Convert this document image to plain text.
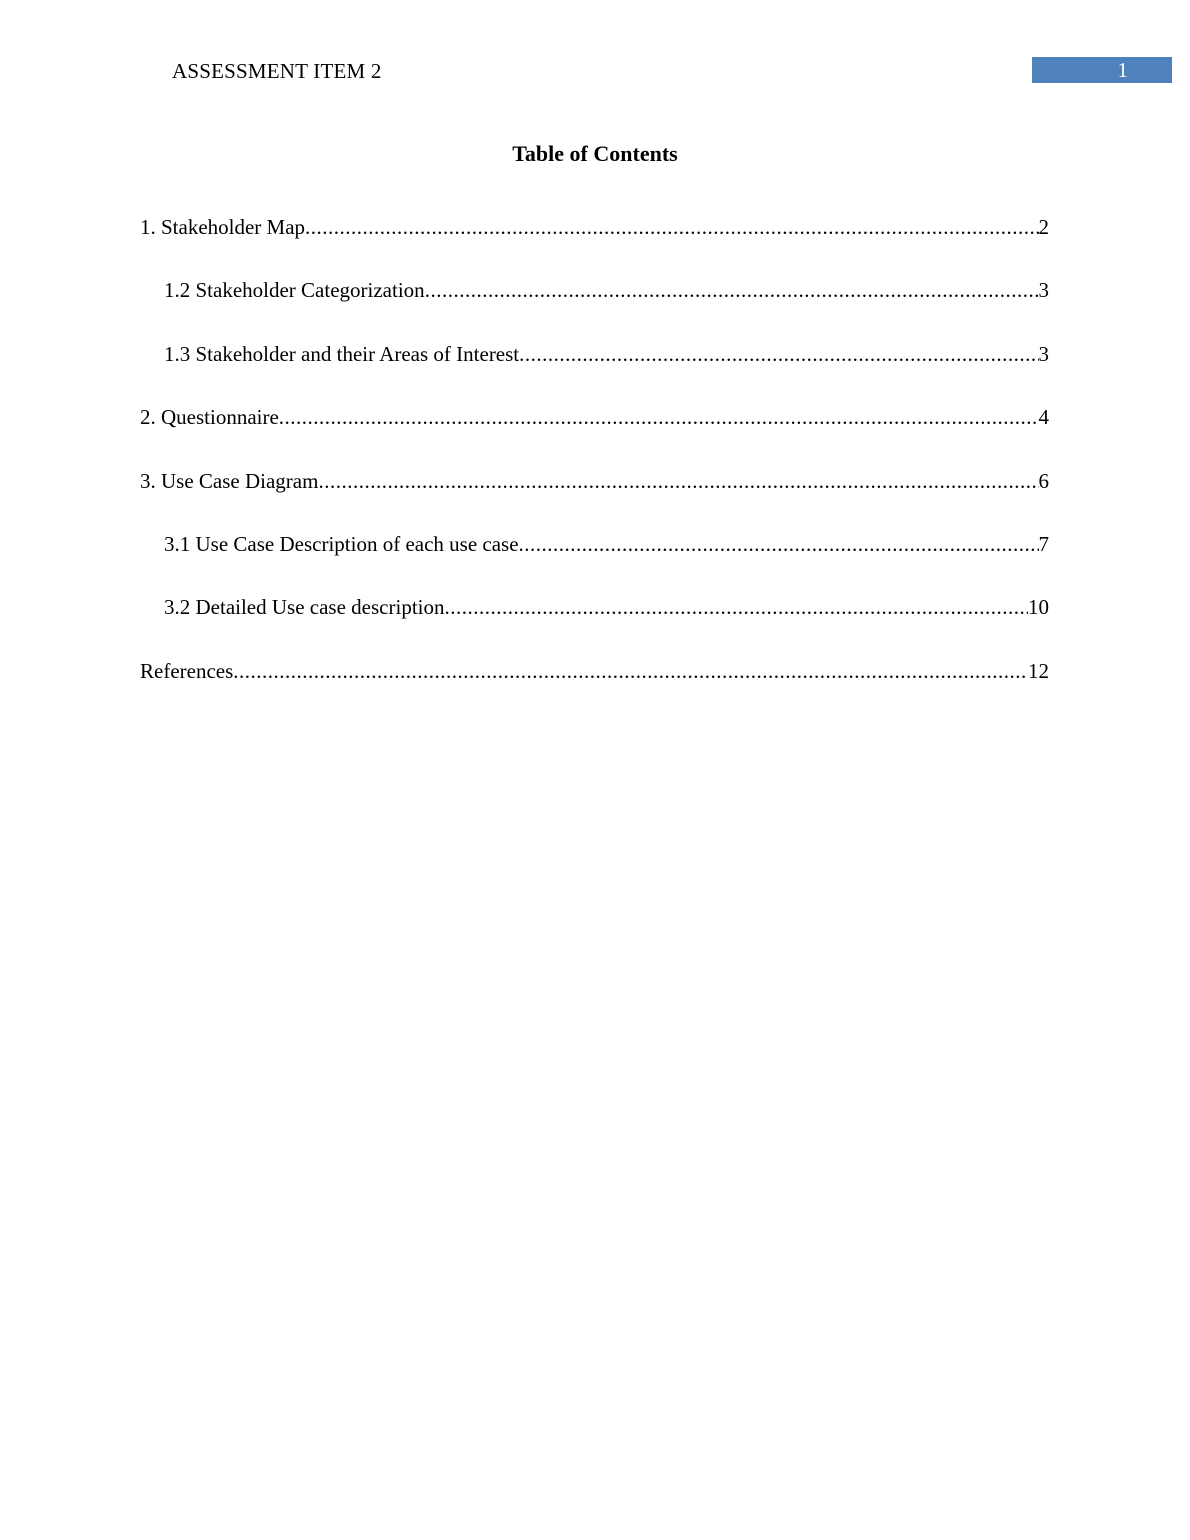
ASSESSMENT ITEM 2	1
Table of Contents
1. Stakeholder Map .....	2
1.2 Stakeholder Categorization .....	3
1.3 Stakeholder and their Areas of Interest .....	3
2. Questionnaire .....	4
3. Use Case Diagram .....	6
3.1 Use Case Description of each use case .....	7
3.2 Detailed Use case description .....	10
References .....	12
